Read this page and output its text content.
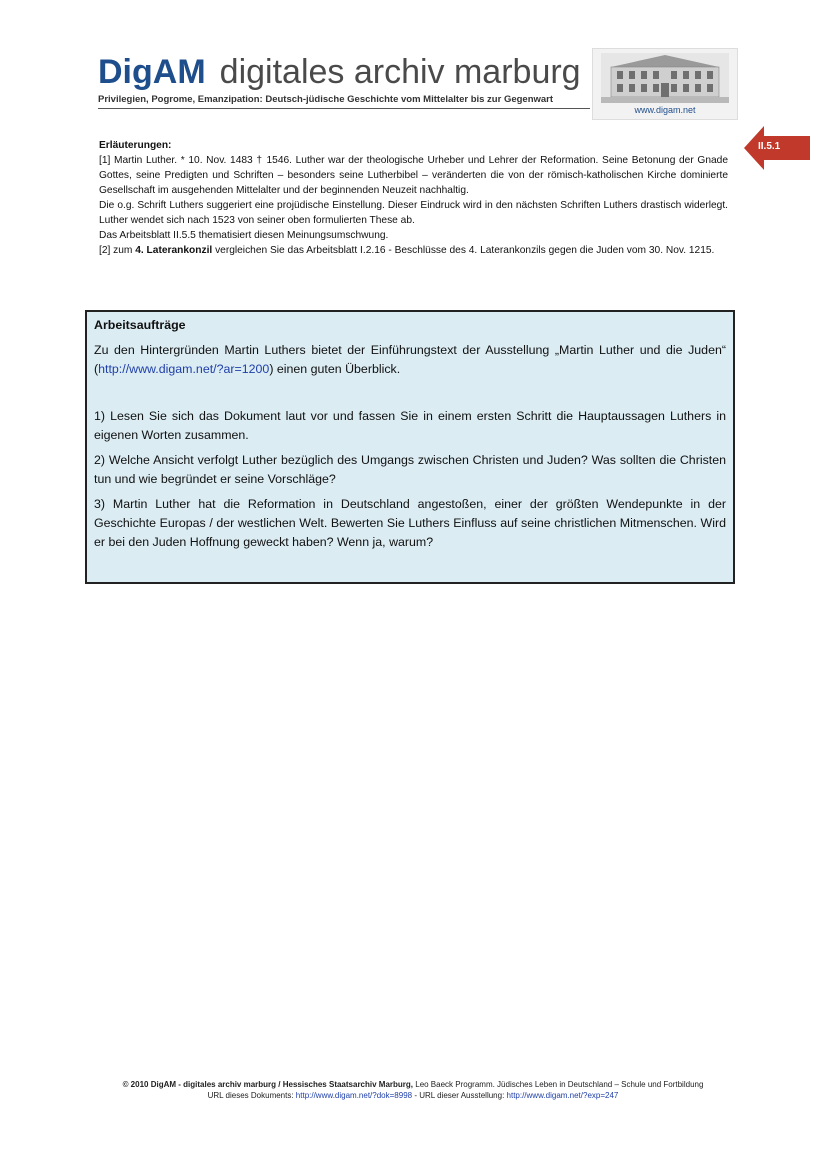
DigAM digitales archiv marburg
Privilegien, Pogrome, Emanzipation: Deutsch-jüdische Geschichte vom Mittelalter bis zur Gegenwart
www.digam.net
II.5.1

Erläuterungen:

[1] Martin Luther. * 10. Nov. 1483 † 1546. Luther war der theologische Urheber und Lehrer der Reformation. Seine Betonung der Gnade Gottes, seine Predigten und Schriften – besonders seine Lutherbibel – veränderten die von der römisch-katholischen Kirche dominierte Gesellschaft im ausgehenden Mittelalter und der beginnenden Neuzeit nachhaltig.

Die o.g. Schrift Luthers suggeriert eine projüdische Einstellung. Dieser Eindruck wird in den nächsten Schriften Luthers drastisch widerlegt. Luther wendet sich nach 1523 von seiner oben formulierten These ab.

Das Arbeitsblatt II.5.5 thematisiert diesen Meinungsumschwung.

[2] zum 4. Laterankonzil vergleichen Sie das Arbeitsblatt I.2.16 - Beschlüsse des 4. Laterankonzils gegen die Juden vom 30. Nov. 1215.

Arbeitsaufträge

Zu den Hintergründen Martin Luthers bietet der Einführungstext der Ausstellung „Martin Luther und die Juden“ (http://www.digam.net/?ar=1200) einen guten Überblick.

1) Lesen Sie sich das Dokument laut vor und fassen Sie in einem ersten Schritt die Hauptaussagen Luthers in eigenen Worten zusammen.

2) Welche Ansicht verfolgt Luther bezüglich des Umgangs zwischen Christen und Juden? Was sollten die Christen tun und wie begründet er seine Vorschläge?

3) Martin Luther hat die Reformation in Deutschland angestoßen, einer der größten Wendepunkte in der Geschichte Europas / der westlichen Welt. Bewerten Sie Luthers Einfluss auf seine christlichen Mitmenschen. Wird er bei den Juden Hoffnung geweckt haben? Wenn ja, warum?

© 2010 DigAM - digitales archiv marburg / Hessisches Staatsarchiv Marburg, Leo Baeck Programm. Jüdisches Leben in Deutschland – Schule und Fortbildung
URL dieses Dokuments: http://www.digam.net/?dok=8998 - URL dieser Ausstellung: http://www.digam.net/?exp=247
